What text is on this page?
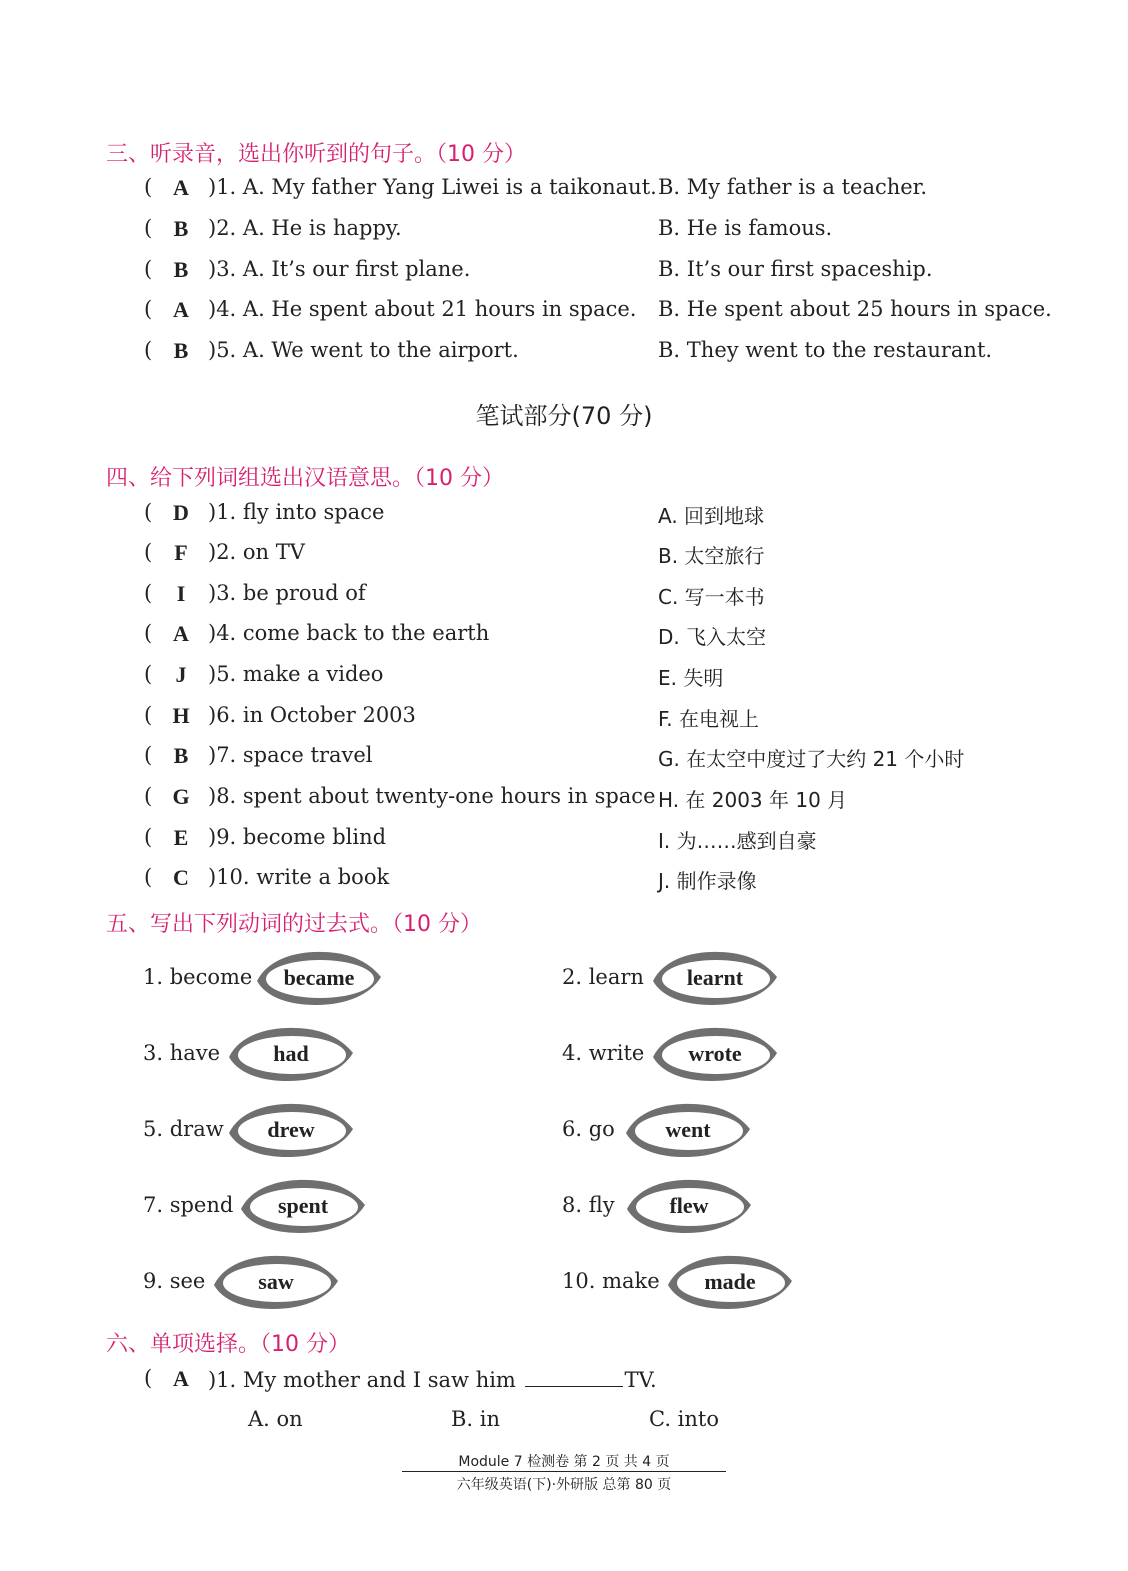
三、听录音，选出你听到的句子。（10 分）
( A )1. A. My father Yang Liwei is a taikonaut. B. My father is a teacher.
( B )2. A. He is happy.	B. He is famous.
( B )3. A. It’s our first plane.	B. It’s our first spaceship.
( A )4. A. He spent about 21 hours in space. B. He spent about 25 hours in space.
( B )5. A. We went to the airport.	B. They went to the restaurant.
笔试部分(70 分)
四、给下列词组选出汉语意思。（10 分）
( D )1. fly into space	A. 回到地球
(	F )2. on TV	B. 太空旅行
(	I	)3. be proud of	C. 写一本书
( A )4. come back to the earth	D. 飞入太空
(	J	)5. make a video	E. 失明
( H )6. in October 2003	F. 在电视上
( B )7. space travel	G. 在太空中度过了大约 21 个小时
( G )8. spent about twenty-one hours in space H. 在 2003 年 10 月
( E )9. become blind	I. 为……感到自豪
( C )10. write a book	J. 制作录像
五、写出下列动词的过去式。（10 分）
1. become	became	2. learn	learnt
3. have	had	4. write	wrote
5. draw	drew	6. go	went
7. spend	spent	8. fly	flew
9. see	saw	10. make	made
六、单项选择。（10 分）
( A )1. My mother and I saw him	TV.
A. on	B. in	C. into
Module 7 检测卷 第 2 页 共 4 页
六年级英语(下)·外研版 总第 80 页
